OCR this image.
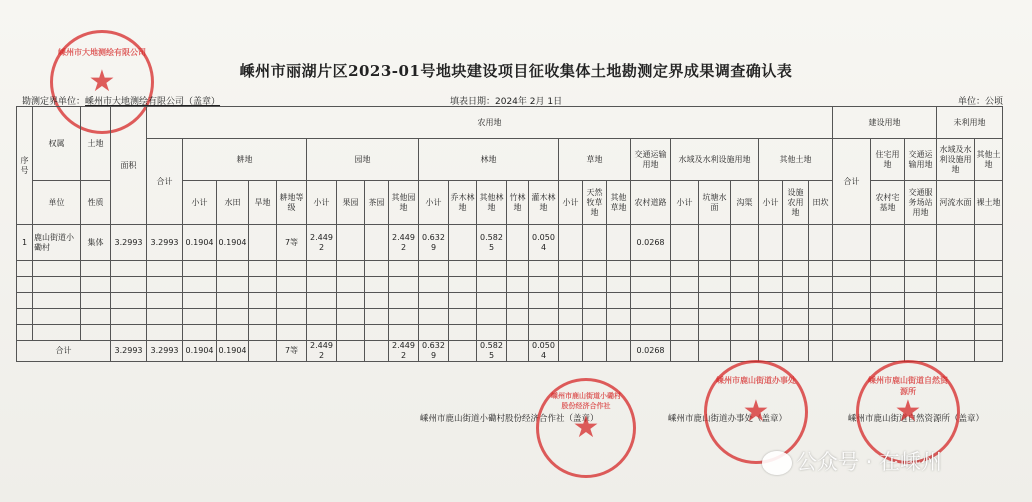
嵊州市大地测绘有限公司
★	嵊州市丽湖片区2023-01号地块建设项目征收集体土地勘测定界成果调查确认表
勘测定界单位：嵊州市大地测绘有限公司（盖章）	填表日期：2024年 2月 1日	单位：公顷
序号	权属	土地	面积	农用地																								建设用地			未利用地	
				合计	耕地				园地				林地					草地			交通运输用地	水域及水利设施用地			其他土地			合计	住宅用地	交通运输用地	水域及水利设施用地	其他土地
	单位	性质			小计	水田	旱地	耕地等级	小计	果园	茶园	其他园地	小计	乔木林地	其他林地	竹林地	灌木林地	小计	天然牧草地	其他草地	农村道路	小计	坑塘水面	沟渠	小计	设施农用地	田坎		农村宅基地	交通服务场站用地	河流水面	裸土地
1	鹿山街道小磡村	集体	3.2993	3.2993	0.1904	0.1904		7等	2.4492			2.4492	0.6329		0.5825		0.0504				0.0268											

合计			3.2993	3.2993	0.1904	0.1904		7等	2.4492			2.4492	0.6329		0.5825		0.0504				0.0268											
嵊州市鹿山街道小磡村股份经济合作社（盖章）	嵊州市鹿山街道办事处（盖章）	嵊州市鹿山街道自然资源所（盖章）
嵊州市鹿山街道小磡村股份经济合作社
★
嵊州市鹿山街道办事处
★
嵊州市鹿山街道自然资源所
★
公众号 · 在嵊州
